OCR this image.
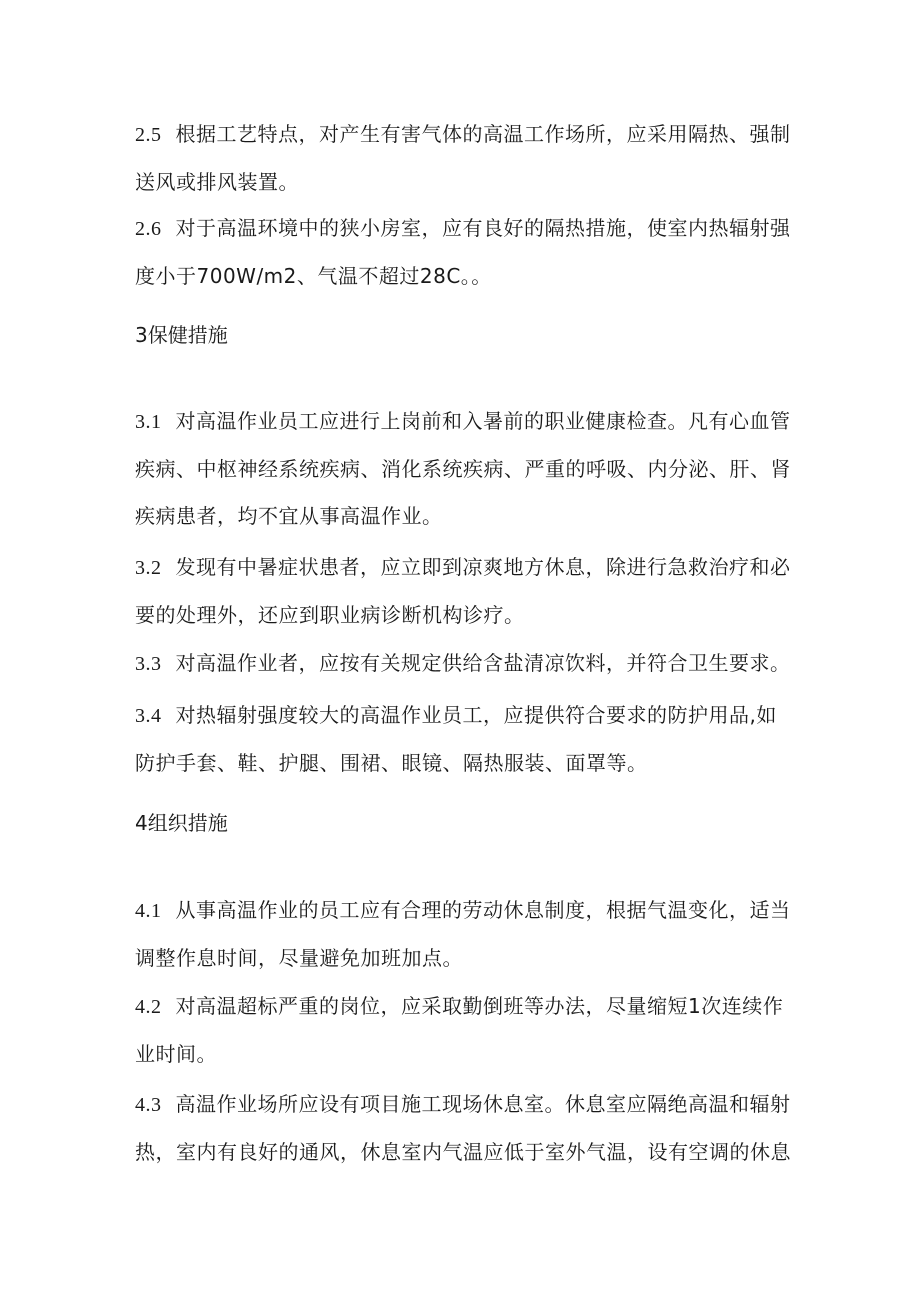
2.5 根据工艺特点，对产生有害气体的高温工作场所，应采用隔热、强制送风或排风装置。

2.6 对于高温环境中的狭小房室，应有良好的隔热措施，使室内热辐射强度小于700W/m2、气温不超过28C。。

3保健措施

3.1 对高温作业员工应进行上岗前和入暑前的职业健康检查。凡有心血管疾病、中枢神经系统疾病、消化系统疾病、严重的呼吸、内分泌、肝、肾疾病患者，均不宜从事高温作业。

3.2 发现有中暑症状患者，应立即到凉爽地方休息，除进行急救治疗和必要的处理外，还应到职业病诊断机构诊疗。

3.3 对高温作业者，应按有关规定供给含盐清凉饮料，并符合卫生要求。

3.4 对热辐射强度较大的高温作业员工，应提供符合要求的防护用品,如防护手套、鞋、护腿、围裙、眼镜、隔热服装、面罩等。

4组织措施

4.1 从事高温作业的员工应有合理的劳动休息制度，根据气温变化，适当调整作息时间，尽量避免加班加点。

4.2 对高温超标严重的岗位，应采取勤倒班等办法，尽量缩短1次连续作业时间。

4.3 高温作业场所应设有项目施工现场休息室。休息室应隔绝高温和辐射热，室内有良好的通风，休息室内气温应低于室外气温，设有空调的休息
